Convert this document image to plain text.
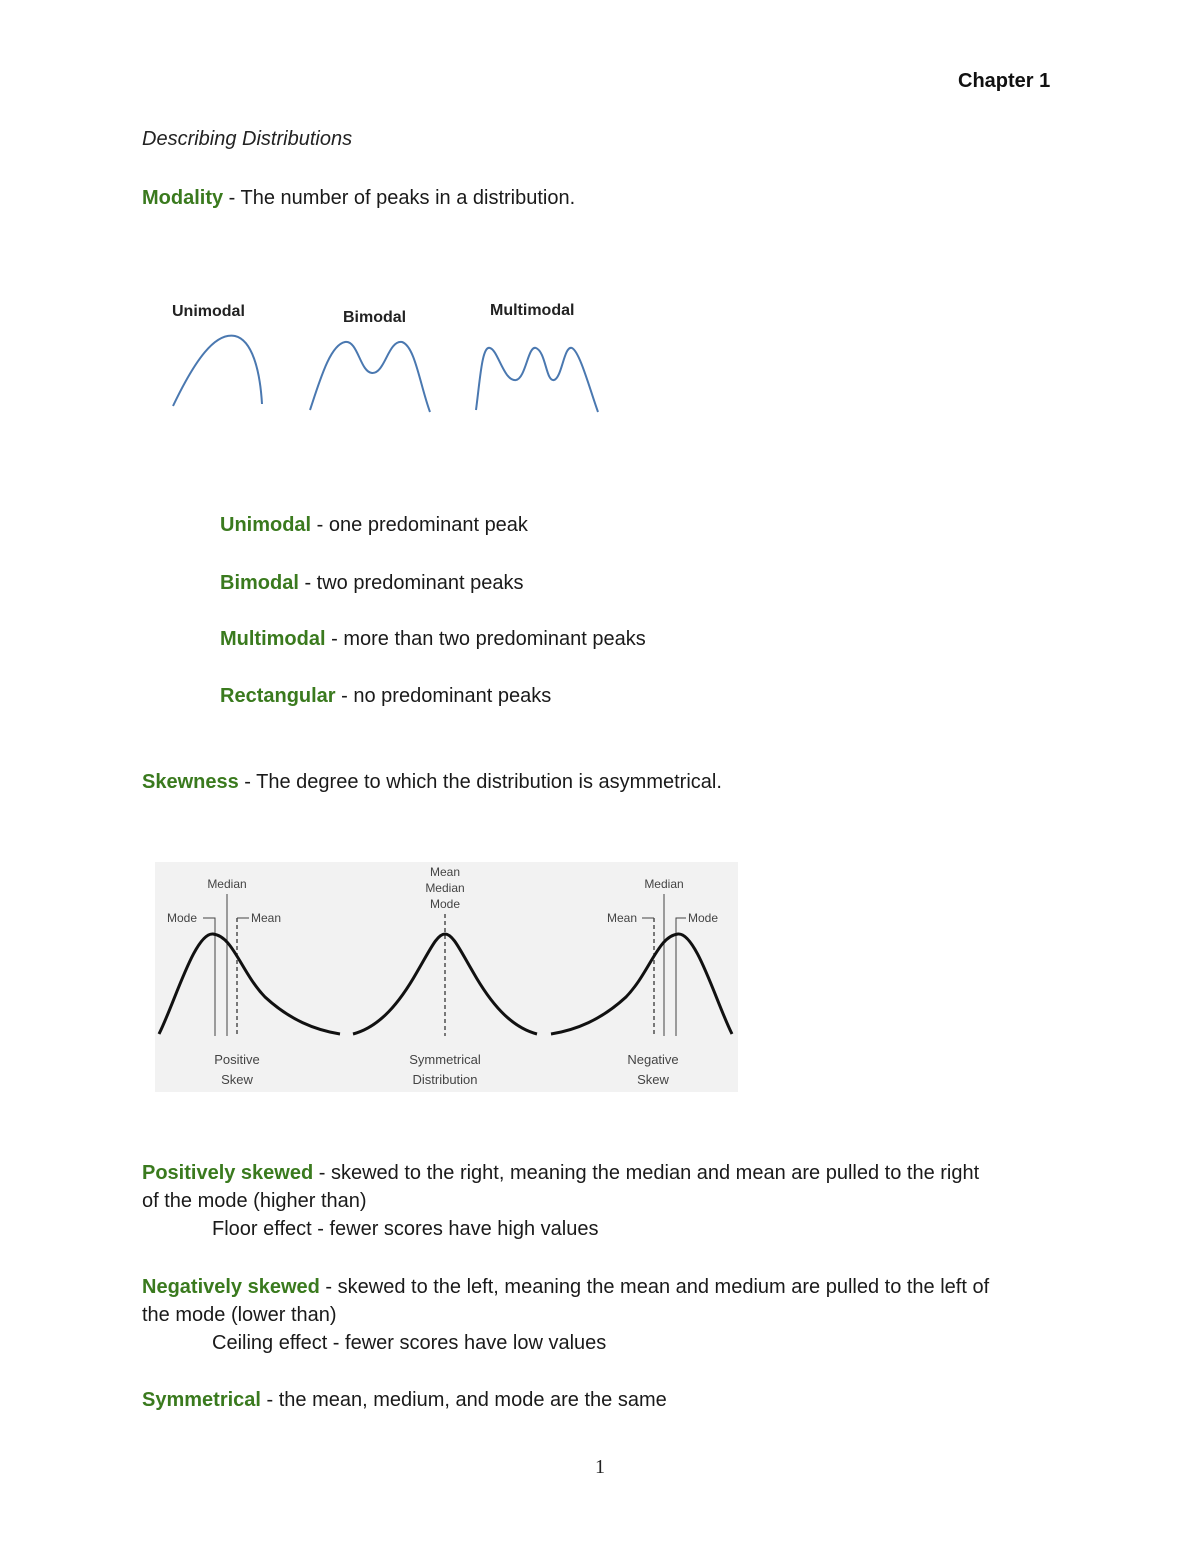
Chapter 1
Describing Distributions
Modality - The number of peaks in a distribution.
Unimodal	Bimodal	Multimodal
Unimodal - one predominant peak
Bimodal - two predominant peaks
Multimodal - more than two predominant peaks
Rectangular - no predominant peaks
Skewness - The degree to which the distribution is asymmetrical.
Median
Mode	Mean
Positive
Skew
Mean
Median
Mode
Symmetrical
Distribution
Median
Mean	Mode
Negative
Skew
Positively skewed - skewed to the right, meaning the median and mean are pulled to the right
of the mode (higher than)
Floor effect - fewer scores have high values
Negatively skewed - skewed to the left, meaning the mean and medium are pulled to the left of
the mode (lower than)
Ceiling effect - fewer scores have low values
Symmetrical - the mean, medium, and mode are the same
1
